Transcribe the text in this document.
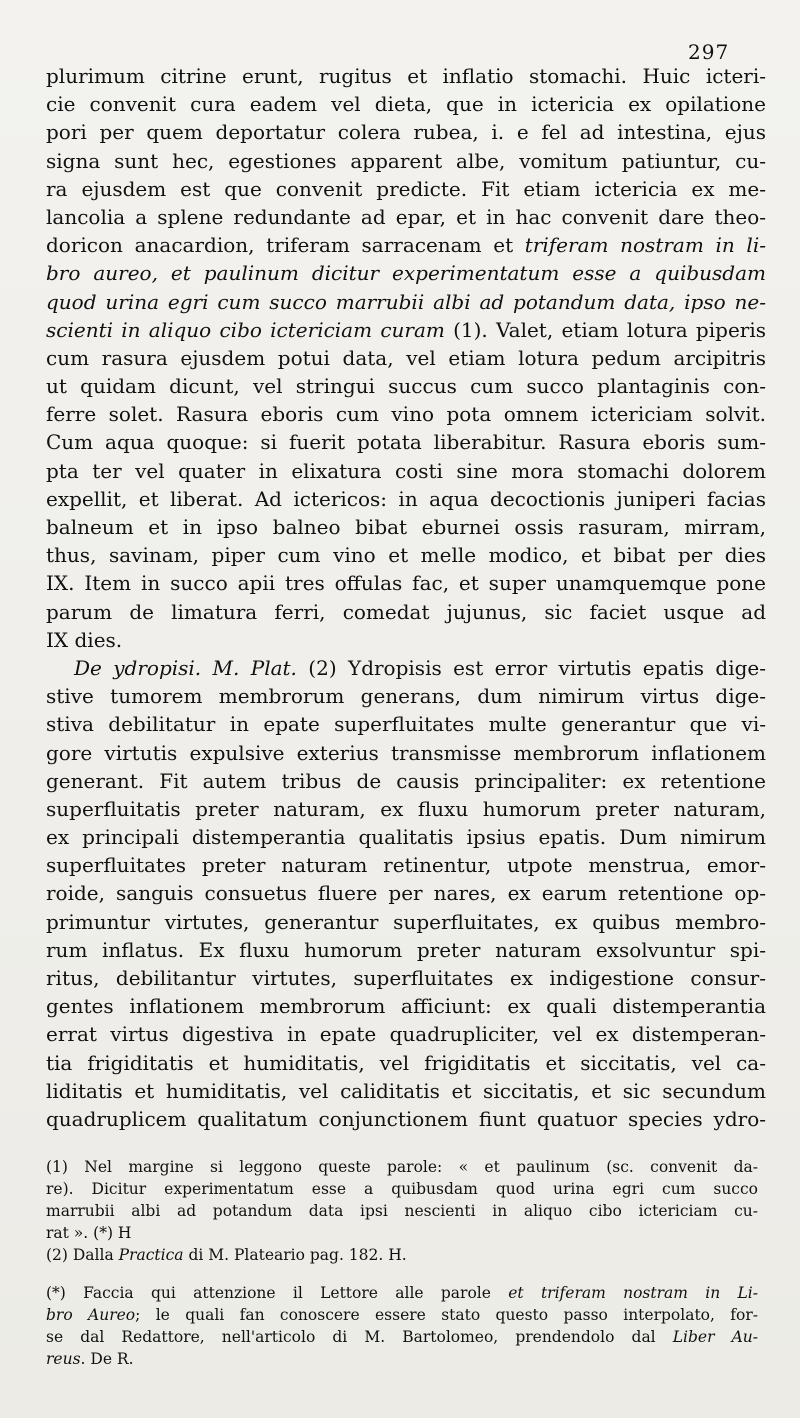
297
plurimum citrine erunt, rugitus et inflatio stomachi. Huic icteri-
cie convenit cura eadem vel dieta, que in ictericia ex opilatione
pori per quem deportatur colera rubea, i. e fel ad intestina, ejus
signa sunt hec, egestiones apparent albe, vomitum patiuntur, cu-
ra ejusdem est que convenit predicte. Fit etiam ictericia ex me-
lancolia a splene redundante ad epar, et in hac convenit dare theo-
doricon anacardion, triferam sarracenam et triferam nostram in li-
bro aureo, et paulinum dicitur experimentatum esse a quibusdam
quod urina egri cum succo marrubii albi ad potandum data, ipso ne-
scienti in aliquo cibo ictericiam curam (1). Valet, etiam lotura piperis
cum rasura ejusdem potui data, vel etiam lotura pedum arcipitris
ut quidam dicunt, vel stringui succus cum succo plantaginis con-
ferre solet. Rasura eboris cum vino pota omnem ictericiam solvit.
Cum aqua quoque: si fuerit potata liberabitur. Rasura eboris sum-
pta ter vel quater in elixatura costi sine mora stomachi dolorem
expellit, et liberat. Ad ictericos: in aqua decoctionis juniperi facias
balneum et in ipso balneo bibat eburnei ossis rasuram, mirram,
thus, savinam, piper cum vino et melle modico, et bibat per dies
IX. Item in succo apii tres offulas fac, et super unamquemque pone
parum de limatura ferri, comedat jujunus, sic faciet usque ad
IX dies.
De ydropisi. M. Plat. (2) Ydropisis est error virtutis epatis dige-
stive tumorem membrorum generans, dum nimirum virtus dige-
stiva debilitatur in epate superfluitates multe generantur que vi-
gore virtutis expulsive exterius transmisse membrorum inflationem
generant. Fit autem tribus de causis principaliter: ex retentione
superfluitatis preter naturam, ex fluxu humorum preter naturam,
ex principali distemperantia qualitatis ipsius epatis. Dum nimirum
superfluitates preter naturam retinentur, utpote menstrua, emor-
roide, sanguis consuetus fluere per nares, ex earum retentione op-
primuntur virtutes, generantur superfluitates, ex quibus membro-
rum inflatus. Ex fluxu humorum preter naturam exsolvuntur spi-
ritus, debilitantur virtutes, superfluitates ex indigestione consur-
gentes inflationem membrorum afficiunt: ex quali distemperantia
errat virtus digestiva in epate quadrupliciter, vel ex distemperan-
tia frigiditatis et humiditatis, vel frigiditatis et siccitatis, vel ca-
liditatis et humiditatis, vel caliditatis et siccitatis, et sic secundum
quadruplicem qualitatum conjunctionem fiunt quatuor species ydro-
(1) Nel margine si leggono queste parole: « et paulinum (sc. convenit da-
re). Dicitur experimentatum esse a quibusdam quod urina egri cum succo
marrubii albi ad potandum data ipsi nescienti in aliquo cibo ictericiam cu-
rat ». (*) H
(2) Dalla Practica di M. Plateario pag. 182. H.
(*) Faccia qui attenzione il Lettore alle parole et triferam nostram in Li-
bro Aureo; le quali fan conoscere essere stato questo passo interpolato, for-
se dal Redattore, nell'articolo di M. Bartolomeo, prendendolo dal Liber Au-
reus. De R.
